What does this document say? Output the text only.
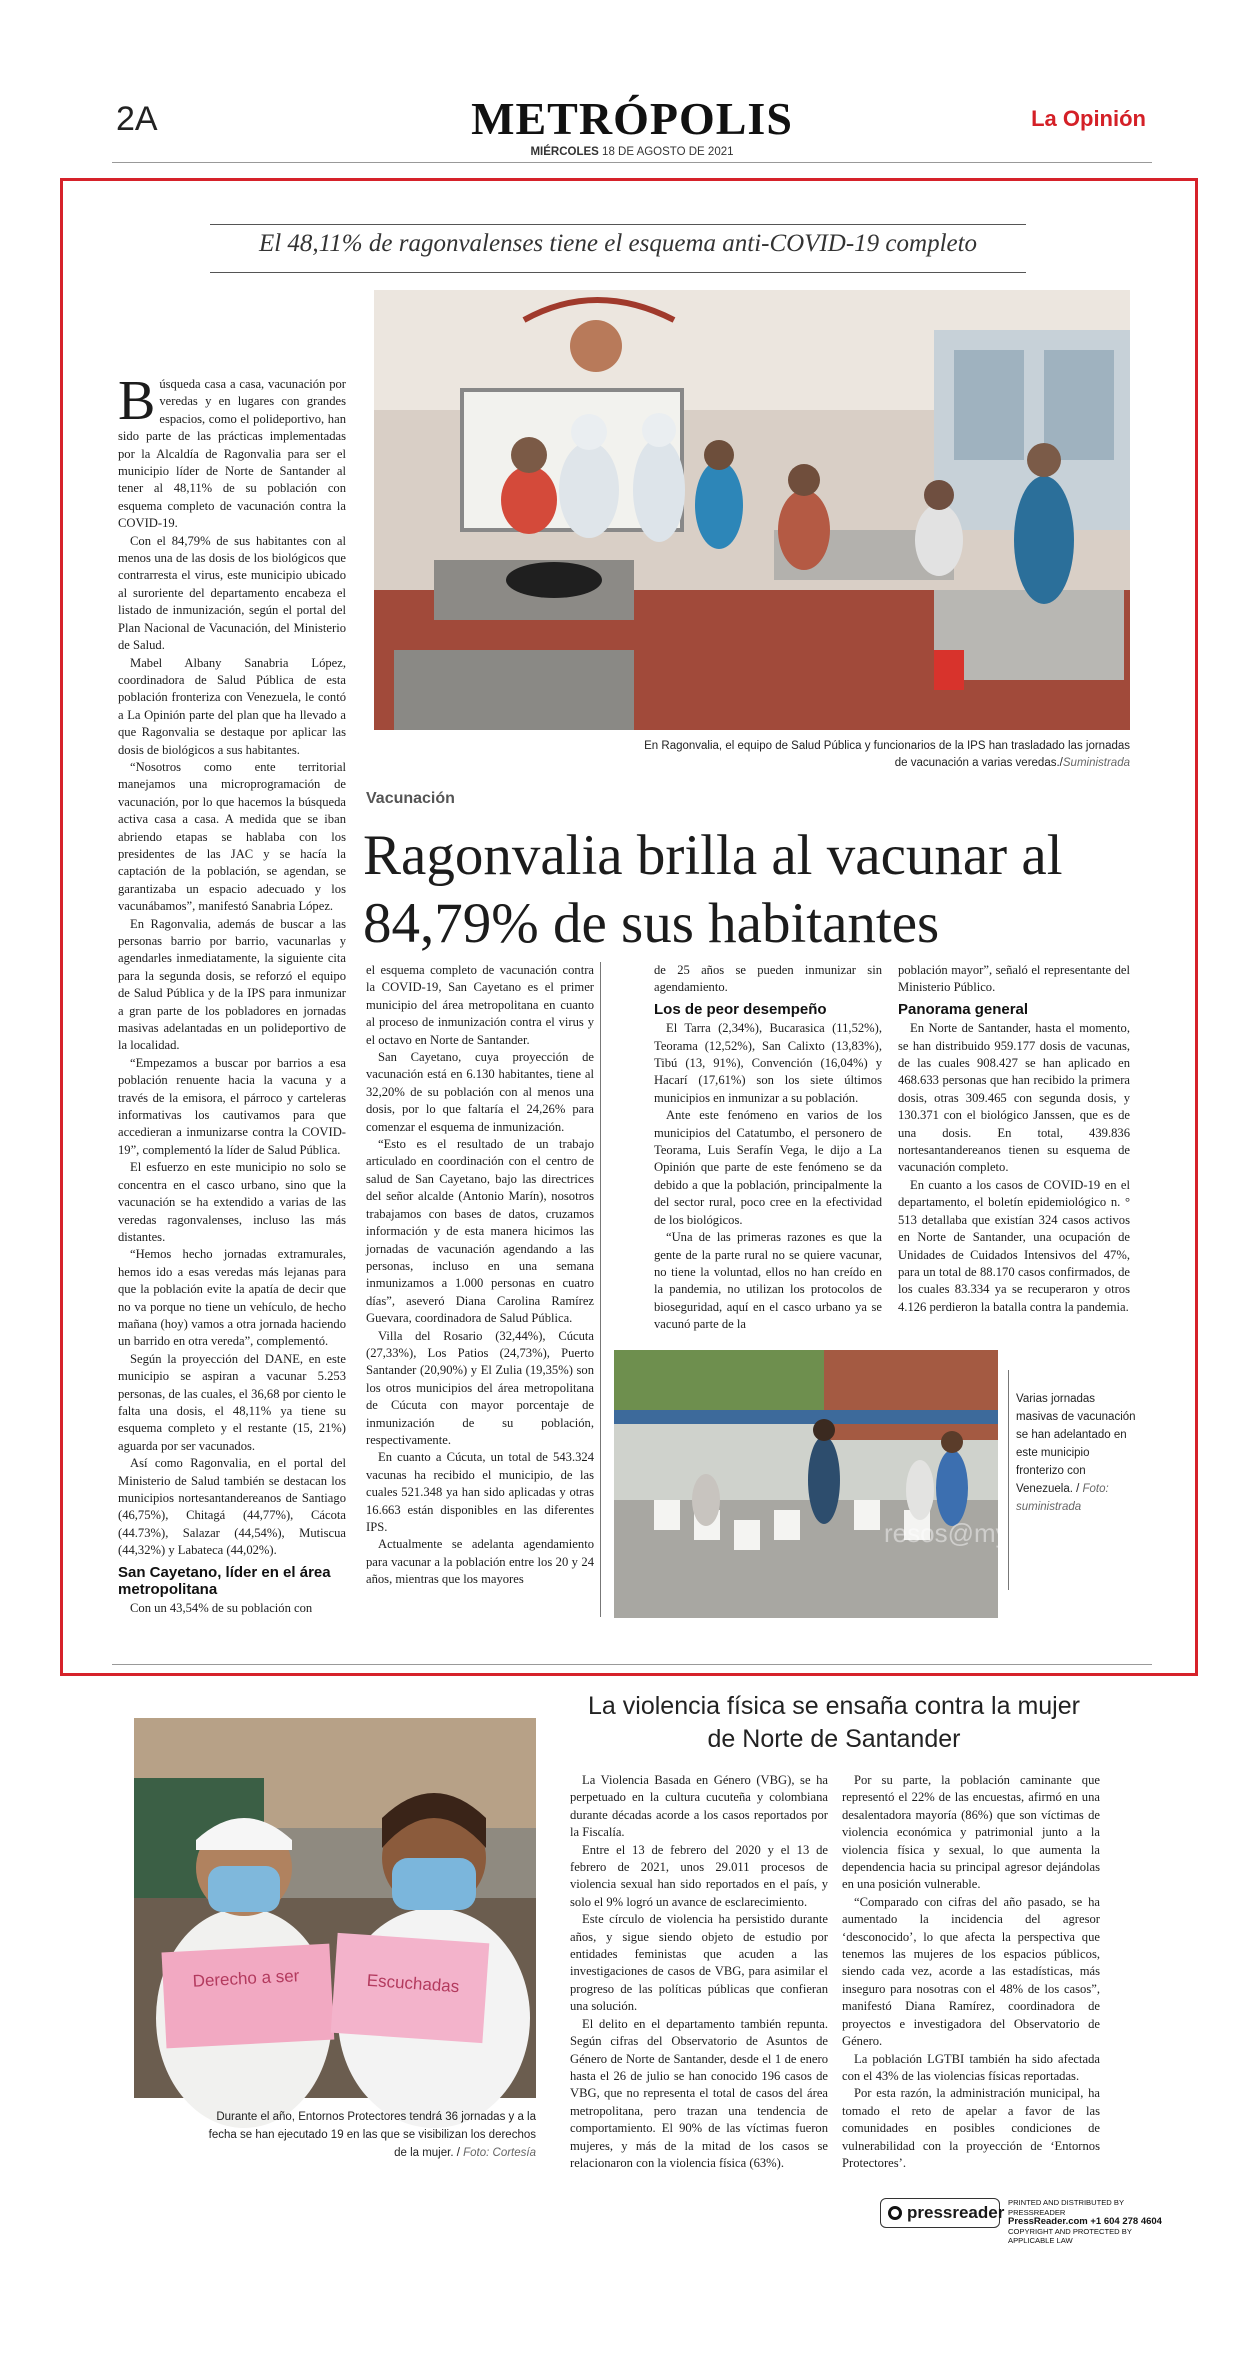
2A	METRÓPOLIS	La Opinión
MIÉRCOLES 18 DE AGOSTO DE 2021
El 48,11% de ragonvalenses tiene el esquema anti-COVID-19 completo
En Ragonvalia, el equipo de Salud Pública y funcionarios de la IPS han trasladado las jornadas de vacunación a varias veredas./Suministrada
Vacunación
Ragonvalia brilla al vacunar al 84,79% de sus habitantes

Búsqueda casa a casa, vacunación por veredas y en lugares con grandes espacios, como el polideportivo, han sido parte de las prácticas implementadas por la Alcaldía de Ragonvalia para ser el municipio líder de Norte de Santander al tener al 48,11% de su población con esquema completo de vacunación contra la COVID-19.

Con el 84,79% de sus habitantes con al menos una de las dosis de los biológicos que contrarresta el virus, este municipio ubicado al suroriente del departamento encabeza el listado de inmunización, según el portal del Plan Nacional de Vacunación, del Ministerio de Salud.

Mabel Albany Sanabria López, coordinadora de Salud Pública de esta población fronteriza con Venezuela, le contó a La Opinión parte del plan que ha llevado a que Ragonvalia se destaque por aplicar las dosis de biológicos a sus habitantes.

“Nosotros como ente territorial manejamos una microprogramación de vacunación, por lo que hacemos la búsqueda activa casa a casa. A medida que se iban abriendo etapas se hablaba con los presidentes de las JAC y se hacía la captación de la población, se agendan, se garantizaba un espacio adecuado y los vacunábamos”, manifestó Sanabria López.

En Ragonvalia, además de buscar a las personas barrio por barrio, vacunarlas y agendarles inmediatamente, la siguiente cita para la segunda dosis, se reforzó el equipo de Salud Pública y de la IPS para inmunizar a gran parte de los pobladores en jornadas masivas adelantadas en un polideportivo de la localidad.

“Empezamos a buscar por barrios a esa población renuente hacia la vacuna y a través de la emisora, el párroco y carteleras informativas los cautivamos para que accedieran a inmunizarse contra la COVID-19”, complementó la líder de Salud Pública.

El esfuerzo en este municipio no solo se concentra en el casco urbano, sino que la vacunación se ha extendido a varias de las veredas ragonvalenses, incluso las más distantes.

“Hemos hecho jornadas extramurales, hemos ido a esas veredas más lejanas para que la población evite la apatía de decir que no va porque no tiene un vehículo, de hecho mañana (hoy) vamos a otra jornada haciendo un barrido en otra vereda”, complementó.

Según la proyección del DANE, en este municipio se aspiran a vacunar 5.253 personas, de las cuales, el 36,68 por ciento le falta una dosis, el 48,11% ya tiene su esquema completo y el restante (15, 21%) aguarda por ser vacunados.

Así como Ragonvalia, en el portal del Ministerio de Salud también se destacan los municipios nortesantandereanos de Santiago (46,75%), Chitagá (44,77%), Cácota (44.73%), Salazar (44,54%), Mutiscua (44,32%) y Labateca (44,02%).

San Cayetano, líder en el área metropolitana

Con un 43,54% de su población con

el esquema completo de vacunación contra la COVID-19, San Cayetano es el primer municipio del área metropolitana en cuanto al proceso de inmunización contra el virus y el octavo en Norte de Santander.

San Cayetano, cuya proyección de vacunación está en 6.130 habitantes, tiene al 32,20% de su población con al menos una dosis, por lo que faltaría el 24,26% para comenzar el esquema de inmunización.

“Esto es el resultado de un trabajo articulado en coordinación con el centro de salud de San Cayetano, bajo las directrices del señor alcalde (Antonio Marín), nosotros trabajamos con bases de datos, cruzamos información y de esta manera hicimos las jornadas de vacunación agendando a las personas, incluso en una semana inmunizamos a 1.000 personas en cuatro días”, aseveró Diana Carolina Ramírez Guevara, coordinadora de Salud Pública.

Villa del Rosario (32,44%), Cúcuta (27,33%), Los Patios (24,73%), Puerto Santander (20,90%) y El Zulia (19,35%) son los otros municipios del área metropolitana de Cúcuta con mayor porcentaje de inmunización de su población, respectivamente.

En cuanto a Cúcuta, un total de 543.324 vacunas ha recibido el municipio, de las cuales 521.348 ya han sido aplicadas y otras 16.663 están disponibles en las diferentes IPS.

Actualmente se adelanta agendamiento para vacunar a la población entre los 20 y 24 años, mientras que los mayores

de 25 años se pueden inmunizar sin agendamiento.

Los de peor desempeño

El Tarra (2,34%), Bucarasica (11,52%), Teorama (12,52%), San Calixto (13,83%), Tibú (13, 91%), Convención (16,04%) y Hacarí (17,61%) son los siete últimos municipios en inmunizar a su población.

Ante este fenómeno en varios de los municipios del Catatumbo, el personero de Teorama, Luis Serafín Vega, le dijo a La Opinión que parte de este fenómeno se da debido a que la población, principalmente la del sector rural, poco cree en la efectividad de los biológicos.

“Una de las primeras razones es que la gente de la parte rural no se quiere vacunar, no tiene la voluntad, ellos no han creído en la pandemia, no utilizan los protocolos de bioseguridad, aquí en el casco urbano ya se vacunó parte de la

población mayor”, señaló el representante del Ministerio Público.

Panorama general

En Norte de Santander, hasta el momento, se han distribuido 959.177 dosis de vacunas, de las cuales 908.427 se han aplicado en 468.633 personas que han recibido la primera dosis, otras 309.465 con segunda dosis, y 130.371 con el biológico Janssen, que es de una dosis. En total, 439.836 nortesantandereanos tienen su esquema de vacunación completo.

En cuanto a los casos de COVID-19 en el departamento, el boletín epidemiológico n. ° 513 detallaba que existían 324 casos activos en Norte de Santander, una ocupación de Unidades de Cuidados Intensivos del 47%, para un total de 88.170 casos confirmados, de los cuales 83.334 ya se recuperaron y otros 4.126 perdieron la batalla contra la pandemia.

resos@myn
Varias jornadas masivas de vacunación se han adelantado en este municipio fronterizo con Venezuela. / Foto: suministrada
La violencia física se ensaña contra la mujer de Norte de Santander
Derecho a ser	Escuchadas
Durante el año, Entornos Protectores tendrá 36 jornadas y a la fecha se han ejecutado 19 en las que se visibilizan los derechos de la mujer. / Foto: Cortesía

La Violencia Basada en Género (VBG), se ha perpetuado en la cultura cucuteña y colombiana durante décadas acorde a los casos reportados por la Fiscalía.

Entre el 13 de febrero del 2020 y el 13 de febrero de 2021, unos 29.011 procesos de violencia sexual han sido reportados en el país, y solo el 9% logró un avance de esclarecimiento.

Este círculo de violencia ha persistido durante años, y sigue siendo objeto de estudio por entidades feministas que acuden a las investigaciones de casos de VBG, para asimilar el progreso de las políticas públicas que confieran una solución.

El delito en el departamento también repunta. Según cifras del Observatorio de Asuntos de Género de Norte de Santander, desde el 1 de enero hasta el 26 de julio se han conocido 196 casos de VBG, que no representa el total de casos del área metropolitana, pero trazan una tendencia de comportamiento. El 90% de las víctimas fueron mujeres, y más de la mitad de los casos se relacionaron con la violencia física (63%).

Por su parte, la población caminante que representó el 22% de las encuestas, afirmó en una desalentadora mayoría (86%) que son víctimas de violencia económica y patrimonial junto a la violencia física y sexual, lo que aumenta la dependencia hacia su principal agresor dejándolas en una posición vulnerable.

“Comparado con cifras del año pasado, se ha aumentado la incidencia del agresor ‘desconocido’, lo que afecta la perspectiva que tenemos las mujeres de los espacios públicos, siendo cada vez, acorde a las estadísticas, más inseguro para nosotras con el 48% de los casos”, manifestó Diana Ramírez, coordinadora de proyectos e investigadora del Observatorio de Género.

La población LGTBI también ha sido afectada con el 43% de las violencias físicas reportadas.

Por esta razón, la administración municipal, ha tomado el reto de apelar a favor de las comunidades en posibles condiciones de vulnerabilidad con la proyección de ‘Entornos Protectores’.

pressreader
PRINTED AND DISTRIBUTED BY PRESSREADER
PressReader.com +1 604 278 4604
COPYRIGHT AND PROTECTED BY APPLICABLE LAW
